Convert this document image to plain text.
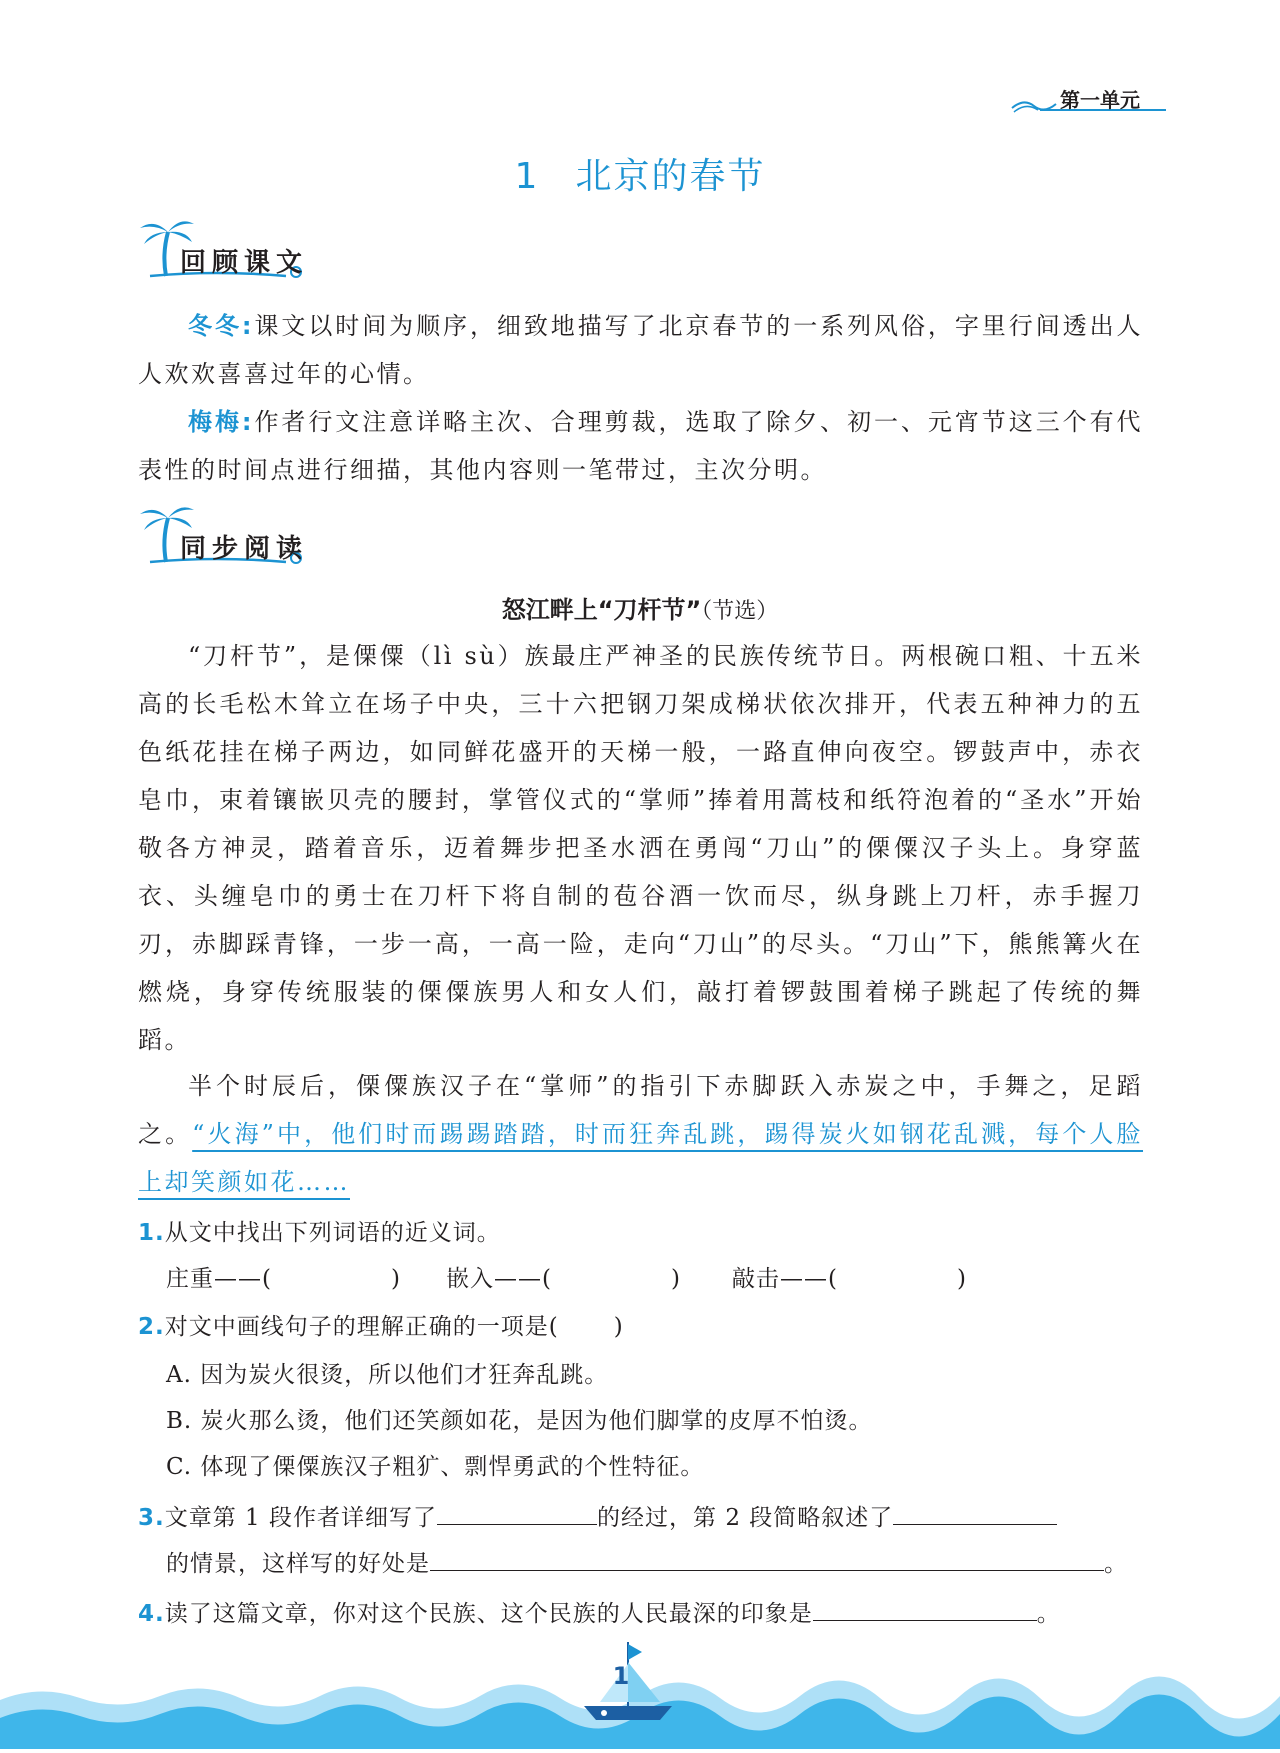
第一单元
1 北京的春节
回顾课文
冬冬:课文以时间为顺序，细致地描写了北京春节的一系列风俗，字里行间透出人人欢欢喜喜过年的心情。
梅梅:作者行文注意详略主次、合理剪裁，选取了除夕、初一、元宵节这三个有代表性的时间点进行细描，其他内容则一笔带过，主次分明。
同步阅读
怒江畔上“刀杆节”（节选）
“刀杆节”，是傈僳（lì sù）族最庄严神圣的民族传统节日。两根碗口粗、十五米高的长毛松木耸立在场子中央，三十六把钢刀架成梯状依次排开，代表五种神力的五色纸花挂在梯子两边，如同鲜花盛开的天梯一般，一路直伸向夜空。锣鼓声中，赤衣皂巾，束着镶嵌贝壳的腰封，掌管仪式的“掌师”捧着用蒿枝和纸符泡着的“圣水”开始敬各方神灵，踏着音乐，迈着舞步把圣水洒在勇闯“刀山”的傈僳汉子头上。身穿蓝衣、头缠皂巾的勇士在刀杆下将自制的苞谷酒一饮而尽，纵身跳上刀杆，赤手握刀刃，赤脚踩青锋，一步一高，一高一险，走向“刀山”的尽头。“刀山”下，熊熊篝火在燃烧，身穿传统服装的傈僳族男人和女人们，敲打着锣鼓围着梯子跳起了传统的舞蹈。
半个时辰后，傈僳族汉子在“掌师”的指引下赤脚跃入赤炭之中，手舞之，足蹈之。“火海”中，他们时而踢踢踏踏，时而狂奔乱跳，踢得炭火如钢花乱溅，每个人脸上却笑颜如花……
1.从文中找出下列词语的近义词。
庄重——(	) 嵌入——(	) 敲击——(	)
2.对文中画线句子的理解正确的一项是( )
A. 因为炭火很烫，所以他们才狂奔乱跳。
B. 炭火那么烫，他们还笑颜如花，是因为他们脚掌的皮厚不怕烫。
C. 体现了傈僳族汉子粗犷、剽悍勇武的个性特征。
3.文章第 1 段作者详细写了	的经过，第 2 段简略叙述了
的情景，这样写的好处是	。
4.读了这篇文章，你对这个民族、这个民族的人民最深的印象是	。
1
